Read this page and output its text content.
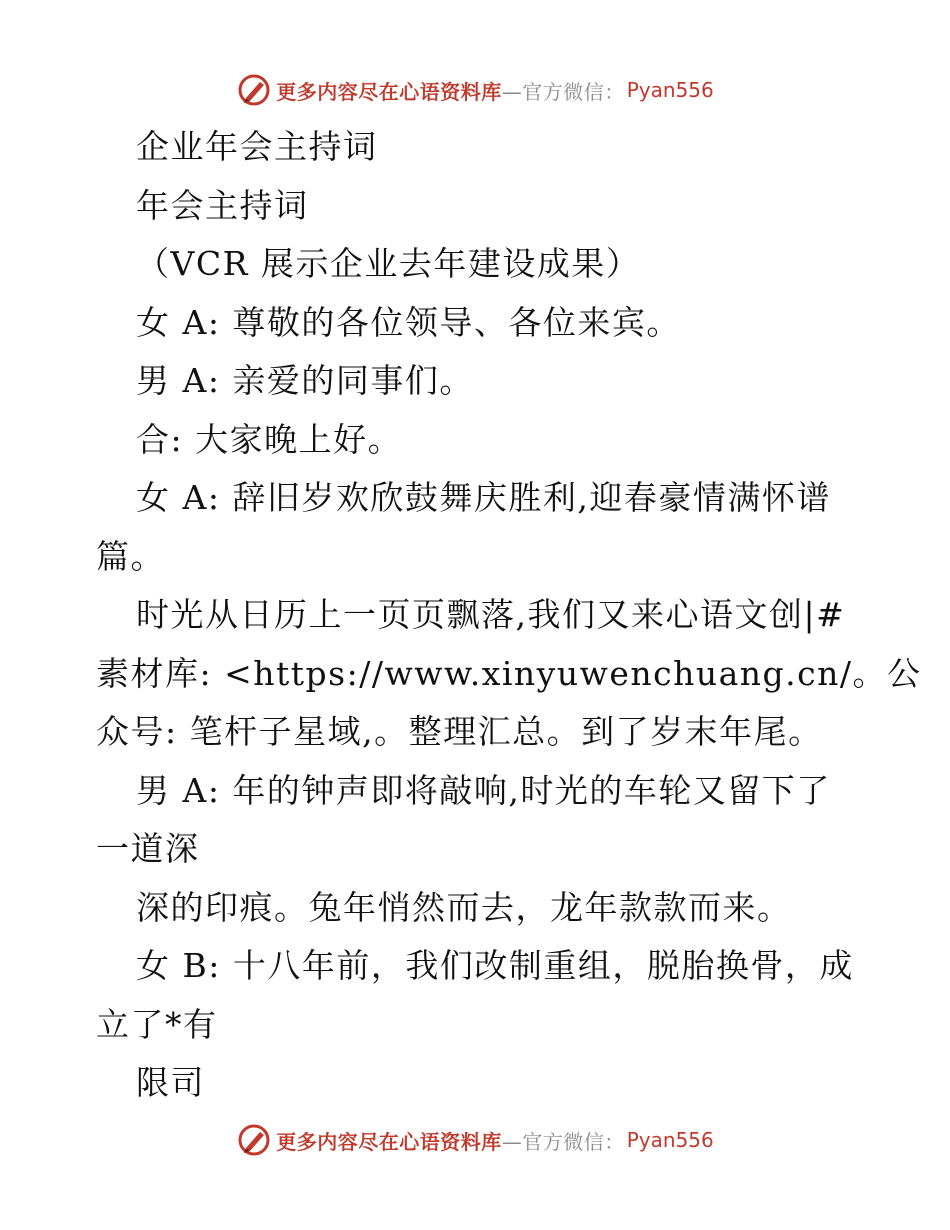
更多内容尽在心语资料库 —官方微信： Pyan556
企业年会主持词
年会主持词
（VCR 展示企业去年建设成果）
女 A: 尊敬的各位领导、各位来宾。
男 A: 亲爱的同事们。
合: 大家晚上好。
女 A: 辞旧岁欢欣鼓舞庆胜利,迎春豪情满怀谱
篇。
时光从日历上一页页飘落,我们又来心语文创|#
素材库: <https://www.xinyuwenchuang.cn/。公
众号: 笔杆子星域,。整理汇总。到了岁末年尾。
男 A: 年的钟声即将敲响,时光的车轮又留下了
一道深
深的印痕。兔年悄然而去，龙年款款而来。
女 B: 十八年前，我们改制重组，脱胎换骨，成
立了*有
限司
更多内容尽在心语资料库 —官方微信： Pyan556
